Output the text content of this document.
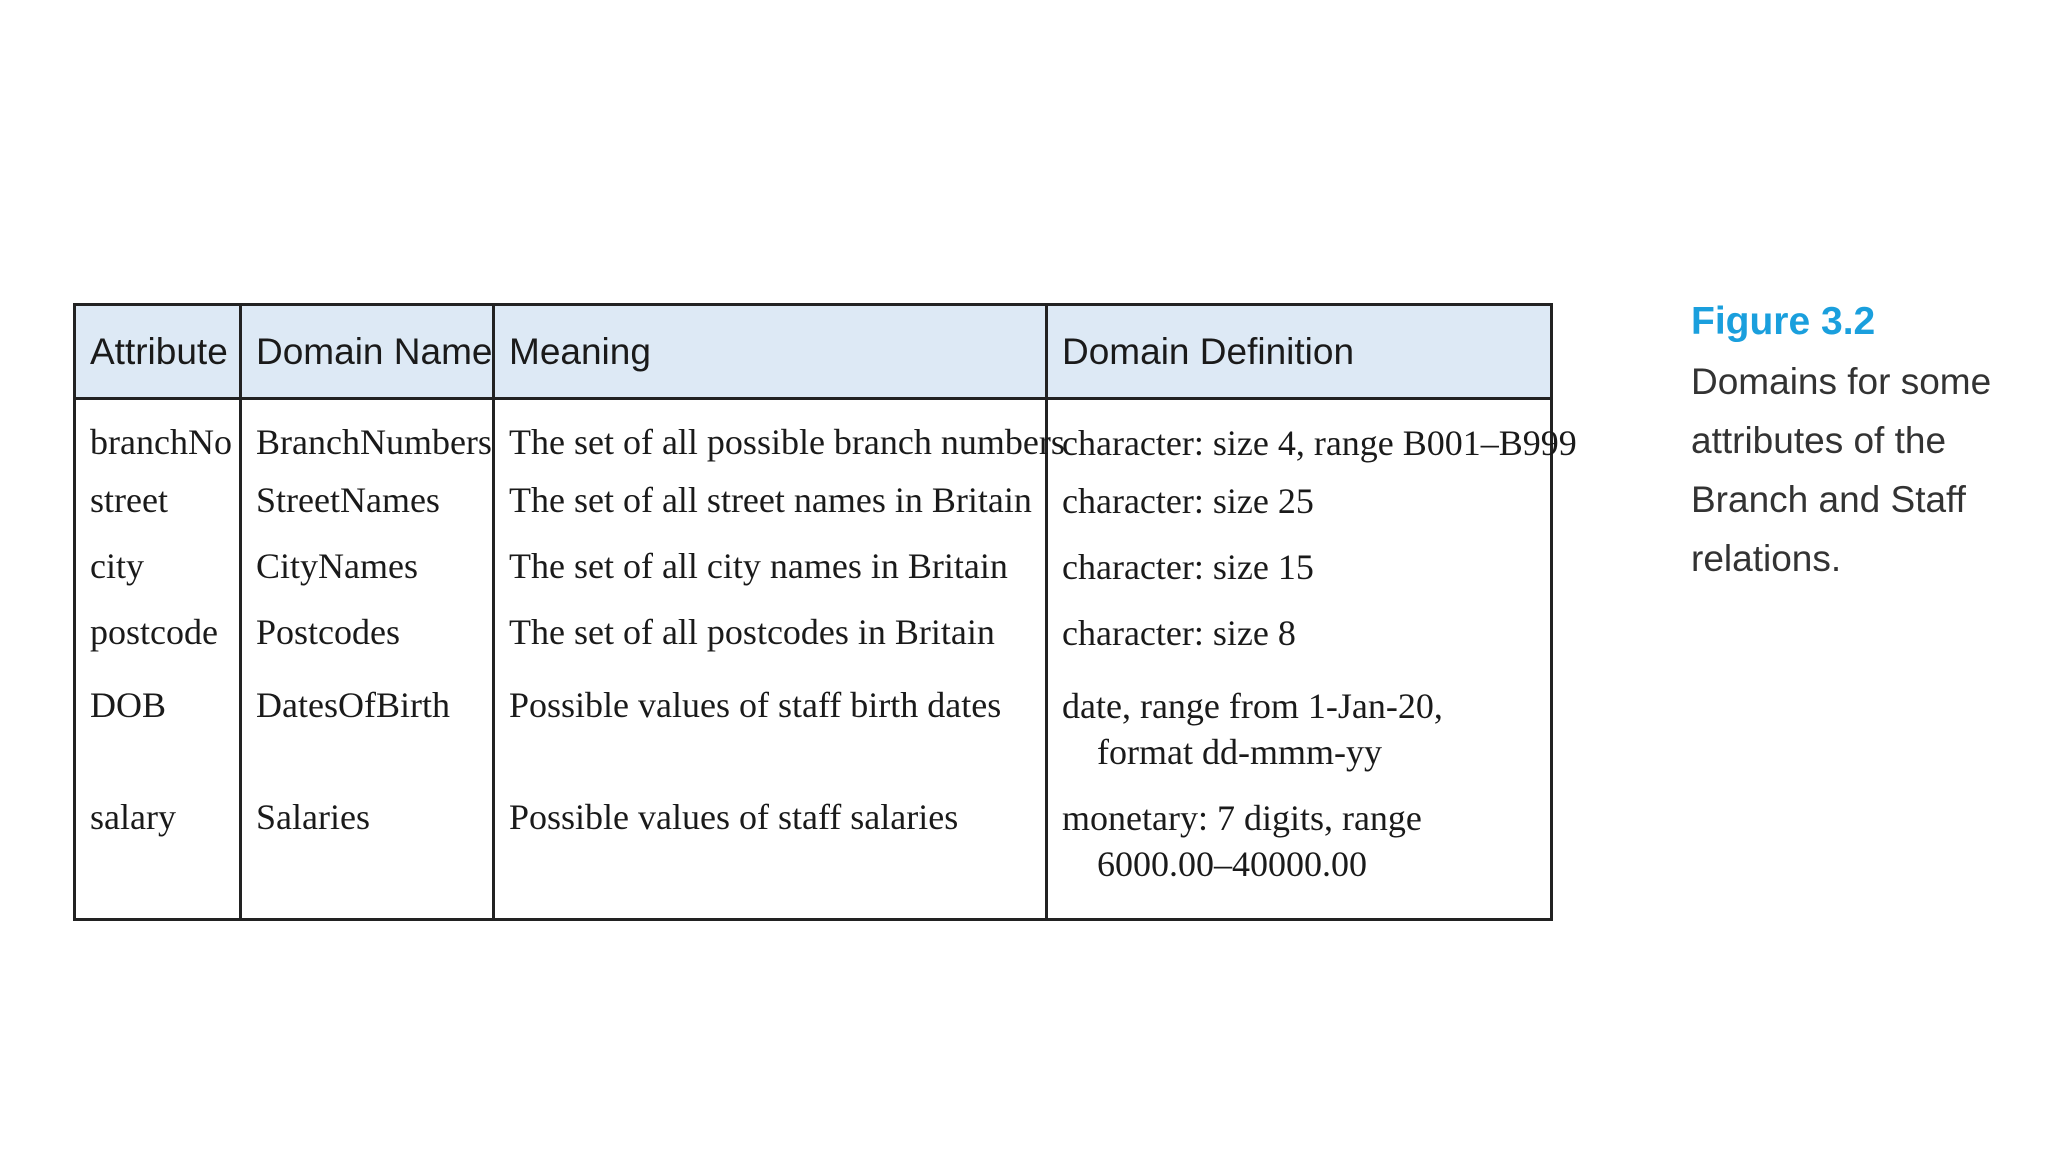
Attribute	Domain Name	Meaning	Domain Definition
branchNo	BranchNumbers	The set of all possible branch numbers	character: size 4, range B001–B999
street	StreetNames	The set of all street names in Britain	character: size 25
city	CityNames	The set of all city names in Britain	character: size 15
postcode	Postcodes	The set of all postcodes in Britain	character: size 8
DOB	DatesOfBirth	Possible values of staff birth dates	date, range from 1-Jan-20,
format dd-mmm-yy

salary	Salaries	Possible values of staff salaries	monetary: 7 digits, range
6000.00–40000.00
Figure 3.2
Domains for some
attributes of the
Branch and Staff
relations.
